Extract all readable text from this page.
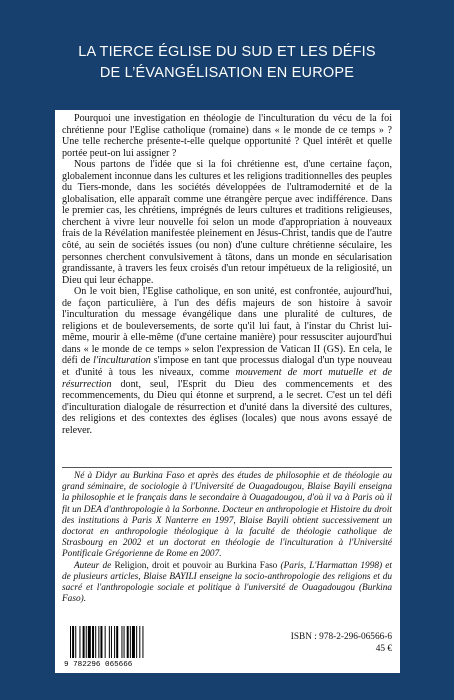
LA TIERCE ÉGLISE DU SUD ET LES DÉFIS
DE L’ÉVANGÉLISATION EN EUROPE

Pourquoi une investigation en théologie de l'inculturation du vécu de la foi chrétienne pour l'Eglise catholique (romaine) dans « le monde de ce temps » ? Une telle recherche présente-t-elle quelque opportunité ? Quel intérêt et quelle portée peut-on lui assigner ?

Nous partons de l'idée que si la foi chrétienne est, d'une certaine façon, globalement inconnue dans les cultures et les religions traditionnelles des peuples du Tiers-monde, dans les sociétés développées de l'ultramodernité et de la globalisation, elle apparaît comme une étrangère perçue avec indifférence. Dans le premier cas, les chrétiens, imprégnés de leurs cultures et traditions religieuses, cherchent à vivre leur nouvelle foi selon un mode d'appropriation à nouveaux frais de la Révélation manifestée pleinement en Jésus-Christ, tandis que de l'autre côté, au sein de sociétés issues (ou non) d'une culture chrétienne séculaire, les personnes cherchent convulsivement à tâtons, dans un monde en sécularisation grandissante, à travers les feux croisés d'un retour impétueux de la religiosité, un Dieu qui leur échappe.

On le voit bien, l'Eglise catholique, en son unité, est confrontée, aujourd'hui, de façon particulière, à l'un des défis majeurs de son histoire à savoir l'inculturation du message évangélique dans une pluralité de cultures, de religions et de bouleversements, de sorte qu'il lui faut, à l'instar du Christ lui-même, mourir à elle-même (d'une certaine manière) pour ressusciter aujourd'hui dans « le monde de ce temps » selon l'expression de Vatican II (GS). En cela, le défi de l'inculturation s'impose en tant que processus dialogal d'un type nouveau et d'unité à tous les niveaux, comme mouvement de mort mutuelle et de résurrection dont, seul, l'Esprit du Dieu des commencements et des recommencements, du Dieu qui étonne et surprend, a le secret. C'est un tel défi d'inculturation dialogale de résurrection et d'unité dans la diversité des cultures, des religions et des contextes des églises (locales) que nous avons essayé de relever.

Né à Didyr au Burkina Faso et après des études de philosophie et de théologie au grand séminaire, de sociologie à l'Université de Ouagadougou, Blaise Bayili enseigna la philosophie et le français dans le secondaire à Ouagadougou, d'où il va à Paris où il fit un DEA d'anthropologie à la Sorbonne. Docteur en anthropologie et Histoire du droit des institutions à Paris X Nanterre en 1997, Blaise Bayili obtient successivement un doctorat en anthropologie théologique à la faculté de théologie catholique de Strasbourg en 2002 et un doctorat en théologie de l'inculturation à l'Université Pontificale Grégorienne de Rome en 2007.

Auteur de Religion, droit et pouvoir au Burkina Faso (Paris, L'Harmattan 1998) et de plusieurs articles, Blaise BAYILI enseigne la socio-anthropologie des religions et du sacré et l'anthropologie sociale et politique à l'université de Ouagadougou (Burkina Faso).

9 782296 065666
ISBN : 978-2-296-06566-6
45 €
